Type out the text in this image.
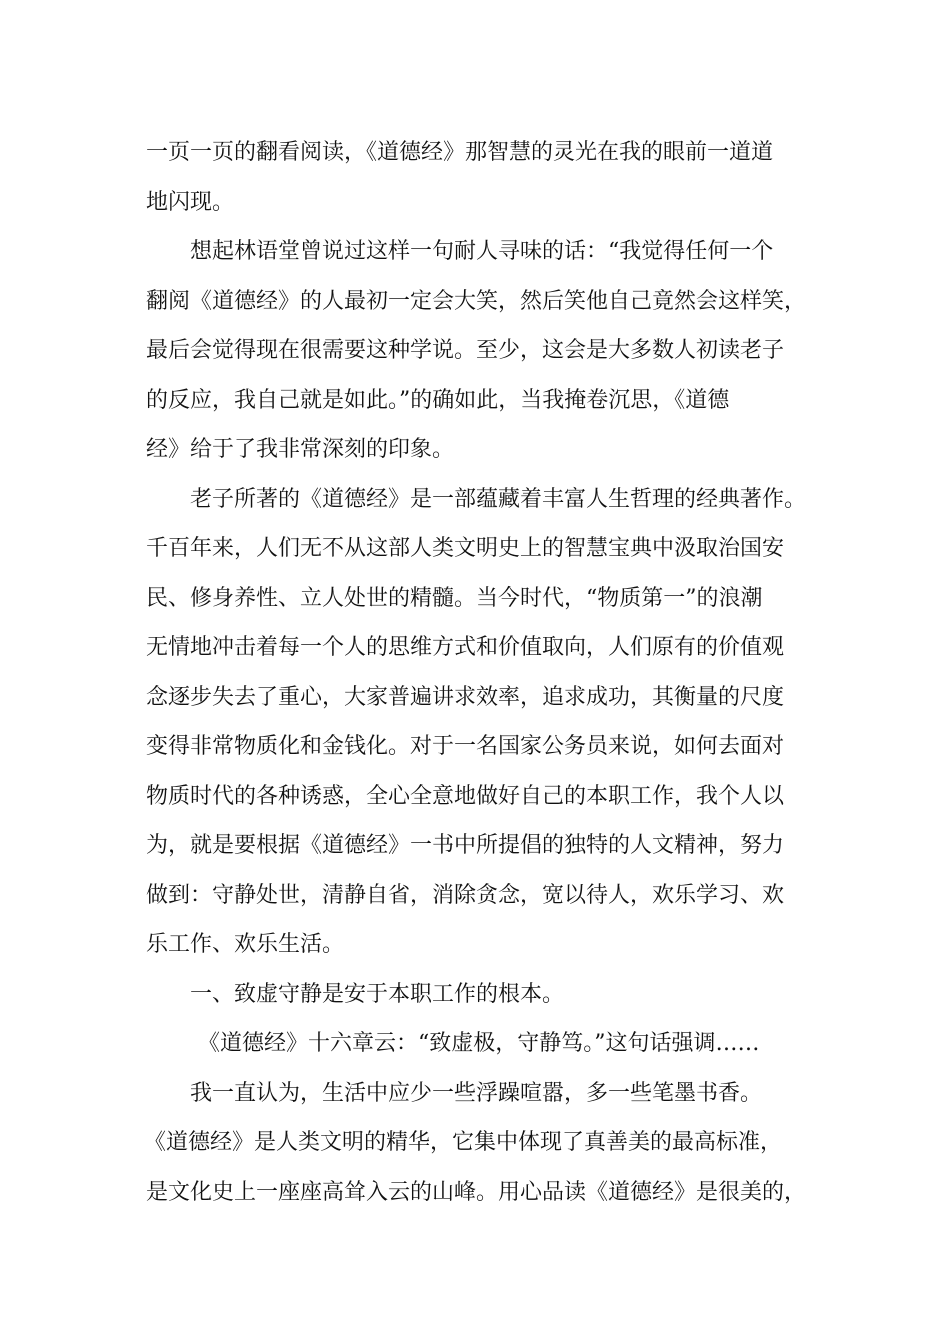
一页一页的翻看阅读，《道德经》那智慧的灵光在我的眼前一道道
地闪现。
想起林语堂曾说过这样一句耐人寻味的话：“我觉得任何一个
翻阅《道德经》的人最初一定会大笑，然后笑他自己竟然会这样笑，
最后会觉得现在很需要这种学说。至少，这会是大多数人初读老子
的反应，我自己就是如此。”的确如此，当我掩卷沉思，《道德
经》给于了我非常深刻的印象。
老子所著的《道德经》是一部蕴藏着丰富人生哲理的经典著作。
千百年来，人们无不从这部人类文明史上的智慧宝典中汲取治国安
民、修身养性、立人处世的精髓。当今时代，“物质第一”的浪潮
无情地冲击着每一个人的思维方式和价值取向，人们原有的价值观
念逐步失去了重心，大家普遍讲求效率，追求成功，其衡量的尺度
变得非常物质化和金钱化。对于一名国家公务员来说，如何去面对
物质时代的各种诱惑，全心全意地做好自己的本职工作，我个人以
为，就是要根据《道德经》一书中所提倡的独特的人文精神，努力
做到：守静处世，清静自省，消除贪念，宽以待人，欢乐学习、欢
乐工作、欢乐生活。
一、致虚守静是安于本职工作的根本。
《道德经》十六章云：“致虚极，守静笃。”这句话强调……
我一直认为，生活中应少一些浮躁喧嚣，多一些笔墨书香。
《道德经》是人类文明的精华，它集中体现了真善美的最高标准，
是文化史上一座座高耸入云的山峰。用心品读《道德经》是很美的，
